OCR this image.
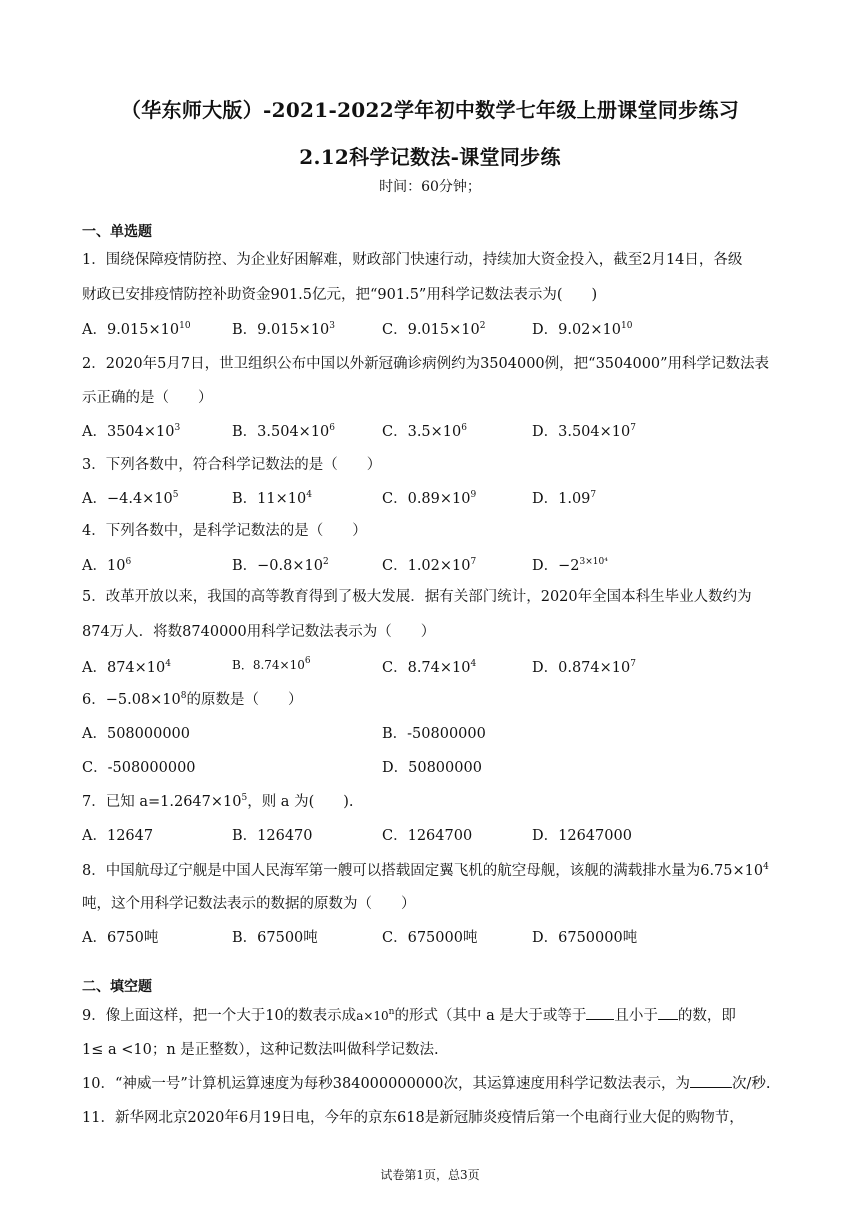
（华东师大版）-2021-2022学年初中数学七年级上册课堂同步练习
2.12科学记数法-课堂同步练
时间：60分钟；
一、单选题
1．围绕保障疫情防控、为企业好困解难，财政部门快速行动，持续加大资金投入，截至2月14日，各级
财政已安排疫情防控补助资金901.5亿元，把“901.5”用科学记数法表示为(　　)
A．$9.015\times 10^{10}$	B．$9.015\times 10^3$	C．$9.015\times 10^2$	D．$9.02\times 10^{10}$
2．2020年5月7日，世卫组织公布中国以外新冠确诊病例约为3504000例，把“3504000”用科学记数法表
示正确的是（　　）
A．$3504\times 10^3$	B．$3.504\times 10^6$	C．$3.5\times 10^6$	D．$3.504\times 10^7$
3．下列各数中，符合科学记数法的是（　　）
A．$-4.4\times 10^5$	B．$11\times 10^4$	C．$0.89\times 10^9$	D．1.09$^7$
4．下列各数中，是科学记数法的是（　　）
A．$10^6$	B．$-0.8\times 10^2$	C．$1.02\times 10^7$	D．$-2^{3\times 10^4}$
5．改革开放以来，我国的高等教育得到了极大发展．据有关部门统计，2020年全国本科生毕业人数约为
874万人．将数8740000用科学记数法表示为（　　）
A．$874\times 10^4$	B．$8.74\times 10^6$	C．$8.74\times 10^4$	D．$0.874\times 10^7$
6．$-5.08\times 10^8$的原数是（　　）
A．508000000	B．-50800000
C．-508000000	D．50800000
7．已知 $a=1.2647\times 10^5$，则 a 为(　　).
A．12647	B．126470	C．1264700	D．12647000
8．中国航母辽宁舰是中国人民海军第一艘可以搭载固定翼飞机的航空母舰，该舰的满载排水量为$6.75\times 10^4$
吨，这个用科学记数法表示的数据的原数为（　　）
A．6750吨	B．67500吨	C．675000吨	D．6750000吨
二、填空题
9．像上面这样，把一个大于10的数表示成$a\times 10^n$的形式（其中 a 是大于或等于 且小于 的数，即
1≤ a <10；n 是正整数），这种记数法叫做科学记数法.
10．“神威一号”计算机运算速度为每秒384000000000次，其运算速度用科学记数法表示，为	次/秒.
11．新华网北京2020年6月19日电，今年的京东618是新冠肺炎疫情后第一个电商行业大促的购物节，
试卷第1页，总3页
